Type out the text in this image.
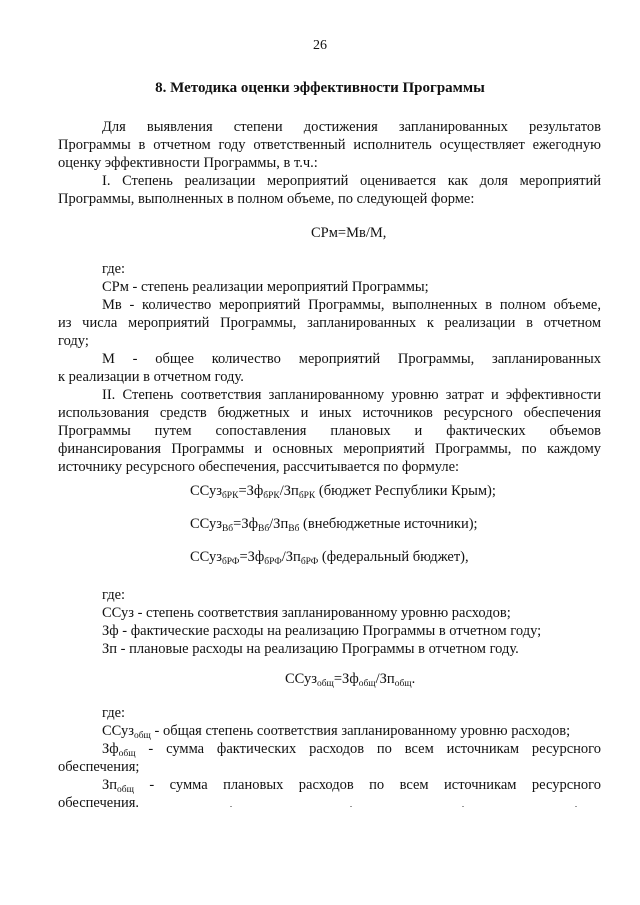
26
8. Методика оценки эффективности Программы
Для выявления степени достижения запланированных результатов
Программы в отчетном году ответственный исполнитель осуществляет ежегодную
оценку эффективности Программы, в т.ч.:
I. Степень реализации мероприятий оценивается как доля мероприятий
Программы, выполненных в полном объеме, по следующей форме:
СРм=Мв/М,
где:
СРм - степень реализации мероприятий Программы;
Мв - количество мероприятий Программы, выполненных в полном объеме,
из числа мероприятий Программы, запланированных к реализации в отчетном
году;
М - общее количество мероприятий Программы, запланированных
к реализации в отчетном году.
II. Степень соответствия запланированному уровню затрат и эффективности
использования средств бюджетных и иных источников ресурсного обеспечения
Программы путем сопоставления плановых и фактических объемов
финансирования Программы и основных мероприятий Программы, по каждому
источнику ресурсного обеспечения, рассчитывается по формуле:
$ССуз_{бРК}=Зф_{бРК}/Зп_{бРК}$ (бюджет Республики Крым);
$ССуз_{Вб}=Зф_{Вб}/Зп_{Вб}$ (внебюджетные источники);
$ССуз_{бРФ}=Зф_{бРФ}/Зп_{бРФ}$ (федеральный бюджет),
где:
ССуз - степень соответствия запланированному уровню расходов;
Зф - фактические расходы на реализацию Программы в отчетном году;
Зп - плановые расходы на реализацию Программы в отчетном году.
$ССуз_{общ}=Зф_{общ}/Зп_{общ}$.
где:
ССуз$_{общ}$ - общая степень соответствия запланированному уровню расходов;
$Зф_{общ}$ - сумма фактических расходов по всем источникам ресурсного
обеспечения;
$Зп_{общ}$ - сумма плановых расходов по всем источникам ресурсного
обеспечения.
